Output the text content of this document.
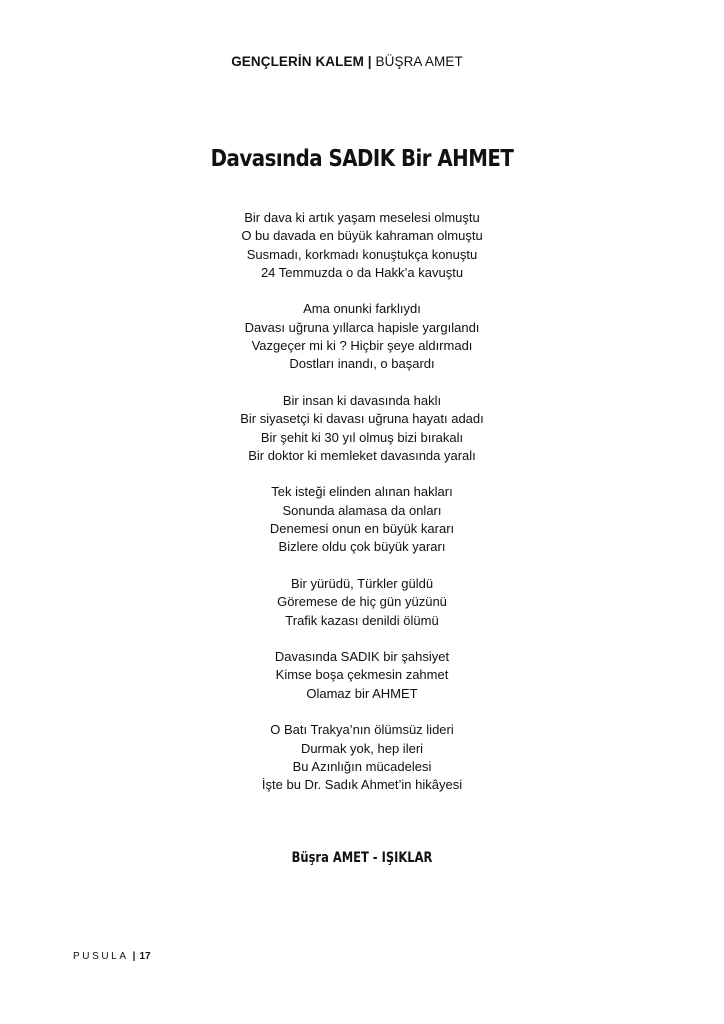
GENÇLERİN KALEM | BÜŞRA AMET
Davasında SADIK Bir AHMET
Bir dava ki artık yaşam meselesi olmuştu
O bu davada en büyük kahraman olmuştu
Susmadı, korkmadı konuştukça konuştu
24 Temmuzda o da Hakk’a kavuştu
Ama onunki farklıydı
Davası uğruna yıllarca hapisle yargılandı
Vazgeçer mi ki ? Hiçbir şeye aldırmadı
Dostları inandı, o başardı
Bir insan ki davasında haklı
Bir siyasetçi ki davası uğruna hayatı adadı
Bir şehit ki 30 yıl olmuş bizi bırakalı
Bir doktor ki memleket davasında yaralı
Tek isteği elinden alınan hakları
Sonunda alamasa da onları
Denemesi onun en büyük kararı
Bizlere oldu çok büyük yararı
Bir yürüdü, Türkler güldü
Göremese de hiç gün yüzünü
Trafik kazası denildi ölümü
Davasında SADIK bir şahsiyet
Kimse boşa çekmesin zahmet
Olamaz bir AHMET
O Batı Trakya’nın ölümsüz lideri
Durmak yok, hep ileri
Bu Azınlığın mücadelesi
İşte bu Dr. Sadık Ahmet’in hikâyesi
Büşra AMET - IŞIKLAR
PUSULA | 17
